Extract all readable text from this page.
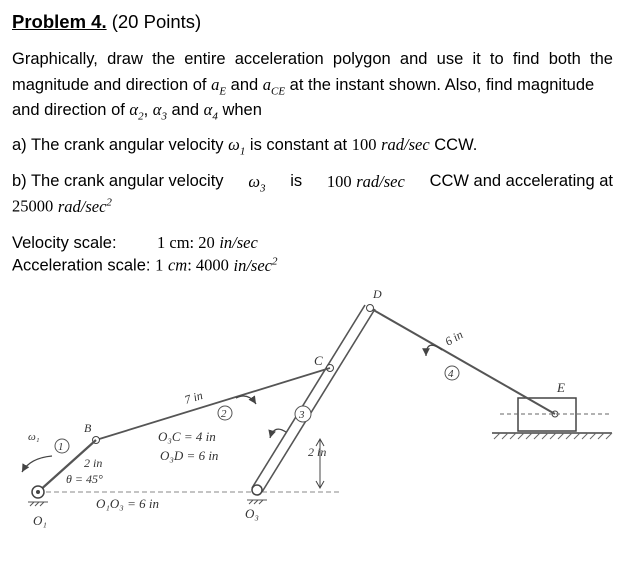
Problem 4. (20 Points)
Graphically, draw the entire acceleration polygon and use it to find both the
magnitude and direction of $a_E$ and $a_{CE}$ at the instant shown. Also, find magnitude
and direction of $\alpha_2$, $\alpha_3$ and $\alpha_4$ when
a) The crank angular velocity $\omega_1$ is constant at 100 rad/sec CCW.
b) The crank angular velocity $\omega_3$ is 100 rad/sec CCW and accelerating at
25000 rad/$\sec^2$
Velocity scale: 1 cm: 20 in/sec
Acceleration scale: 1 cm: 4000 $in/\sec^2$
E
D
C
B
O₁	O₃
1
2	3
4
ω₁
6 in
7 in
O₃C = 4 in
O₃D = 6 in	2 in
2 in
θ = 45°
O₁O₃ = 6 in
